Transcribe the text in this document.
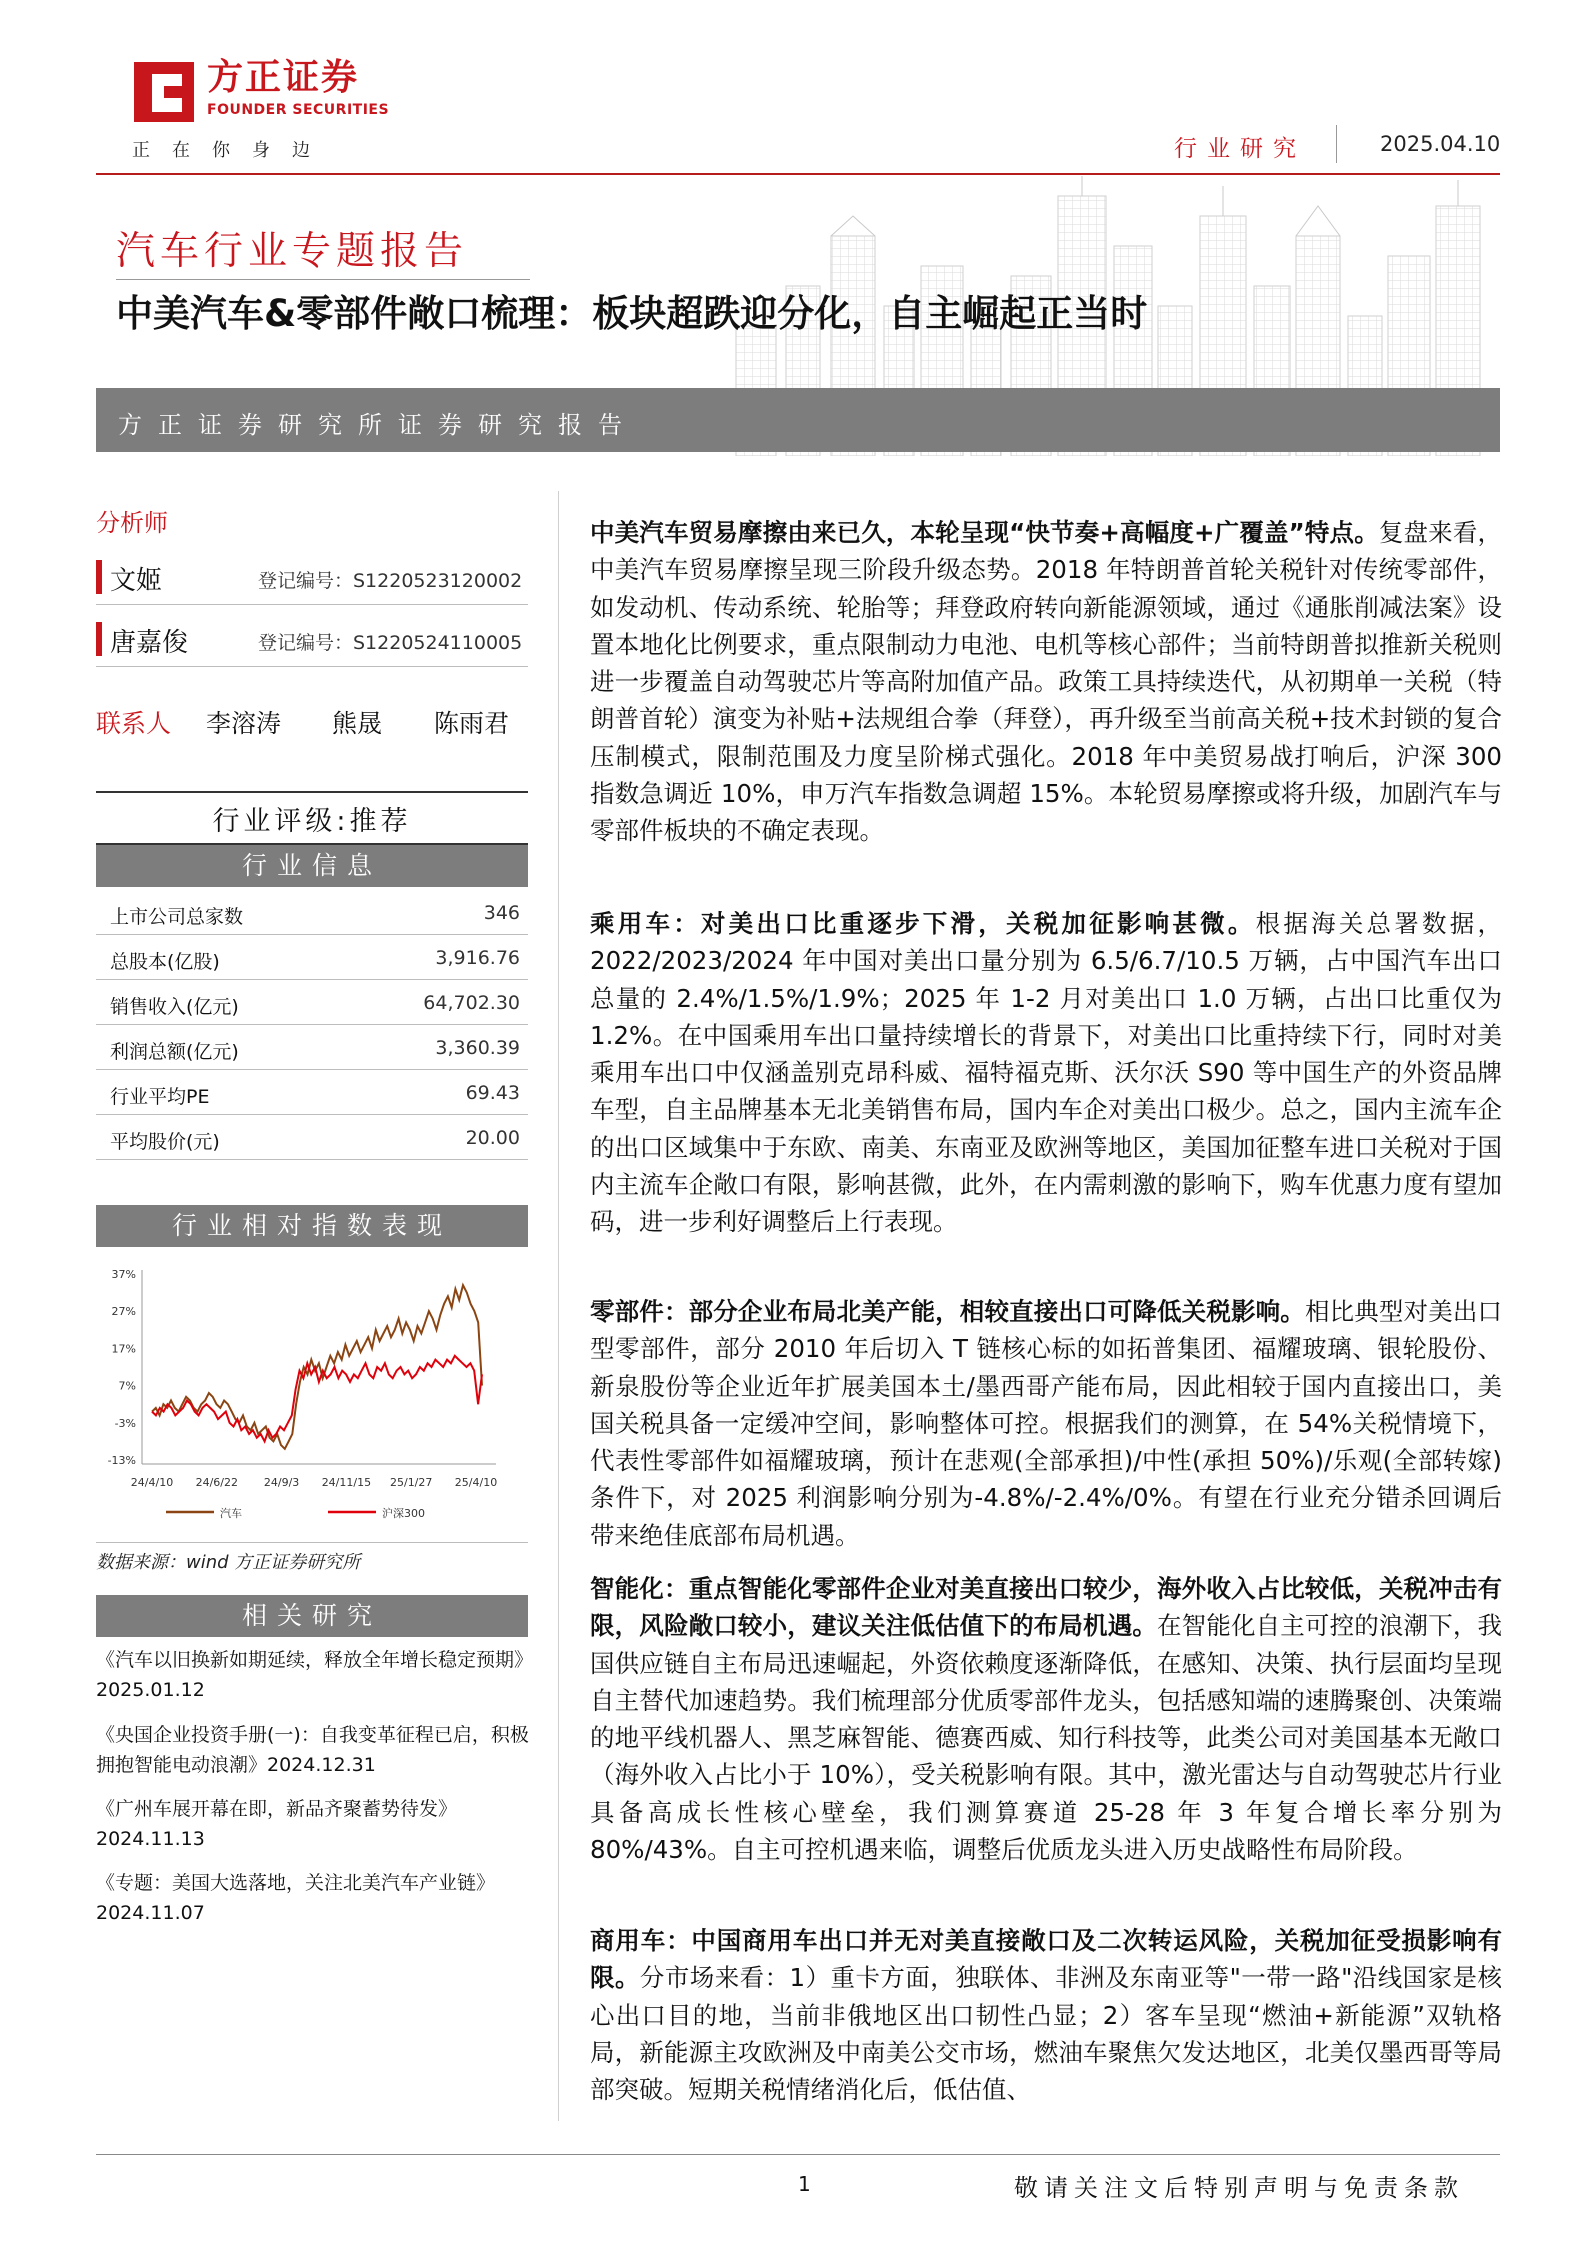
方正证券
FOUNDER SECURITIES
正在你身边	行业研究	2025.04.10
汽车行业专题报告
中美汽车&零部件敞口梳理：板块超跌迎分化，自主崛起正当时
方正证券研究所证券研究报告
分析师
文姬	登记编号：S1220523120002
唐嘉俊	登记编号：S1220524110005
联系人 李溶涛 熊晟 陈雨君
行业评级:推荐
行业信息
上市公司总家数	346
总股本(亿股)	3,916.76
销售收入(亿元)	64,702.30
利润总额(亿元)	3,360.39
行业平均PE	69.43
平均股价(元)	20.00
行业相对指数表现
37%
27%
17%
7%
-3%
-13%
24/4/10 24/6/22 24/9/3 24/11/15 25/1/27 25/4/10
汽车	沪深300
数据来源：wind 方正证券研究所
相关研究
《汽车以旧换新如期延续，释放全年增长稳定预期》2025.01.12
《央国企业投资手册(一)：自我变革征程已启，积极拥抱智能电动浪潮》2024.12.31
《广州车展开幕在即，新品齐聚蓄势待发》2024.11.13
《专题：美国大选落地，关注北美汽车产业链》2024.11.07
中美汽车贸易摩擦由来已久，本轮呈现“快节奏+高幅度+广覆盖”特点。复盘来看，中美汽车贸易摩擦呈现三阶段升级态势。2018 年特朗普首轮关税针对传统零部件，如发动机、传动系统、轮胎等；拜登政府转向新能源领域，通过《通胀削减法案》设置本地化比例要求，重点限制动力电池、电机等核心部件；当前特朗普拟推新关税则进一步覆盖自动驾驶芯片等高附加值产品。政策工具持续迭代，从初期单一关税（特朗普首轮）演变为补贴+法规组合拳（拜登），再升级至当前高关税+技术封锁的复合压制模式，限制范围及力度呈阶梯式强化。2018 年中美贸易战打响后，沪深 300 指数急调近 10%，申万汽车指数急调超 15%。本轮贸易摩擦或将升级，加剧汽车与零部件板块的不确定表现。
乘用车：对美出口比重逐步下滑，关税加征影响甚微。根据海关总署数据，2022/2023/2024 年中国对美出口量分别为 6.5/6.7/10.5 万辆，占中国汽车出口总量的 2.4%/1.5%/1.9%；2025 年 1-2 月对美出口 1.0 万辆，占出口比重仅为 1.2%。在中国乘用车出口量持续增长的背景下，对美出口比重持续下行，同时对美乘用车出口中仅涵盖别克昂科威、福特福克斯、沃尔沃 S90 等中国生产的外资品牌车型，自主品牌基本无北美销售布局，国内车企对美出口极少。总之，国内主流车企的出口区域集中于东欧、南美、东南亚及欧洲等地区，美国加征整车进口关税对于国内主流车企敞口有限，影响甚微，此外，在内需刺激的影响下，购车优惠力度有望加码，进一步利好调整后上行表现。
零部件：部分企业布局北美产能，相较直接出口可降低关税影响。相比典型对美出口型零部件，部分 2010 年后切入 T 链核心标的如拓普集团、福耀玻璃、银轮股份、新泉股份等企业近年扩展美国本土/墨西哥产能布局，因此相较于国内直接出口，美国关税具备一定缓冲空间，影响整体可控。根据我们的测算，在 54%关税情境下，代表性零部件如福耀玻璃，预计在悲观(全部承担)/中性(承担 50%)/乐观(全部转嫁)条件下，对 2025 利润影响分别为-4.8%/-2.4%/0%。有望在行业充分错杀回调后带来绝佳底部布局机遇。
智能化：重点智能化零部件企业对美直接出口较少，海外收入占比较低，关税冲击有限，风险敞口较小，建议关注低估值下的布局机遇。在智能化自主可控的浪潮下，我国供应链自主布局迅速崛起，外资依赖度逐渐降低，在感知、决策、执行层面均呈现自主替代加速趋势。我们梳理部分优质零部件龙头，包括感知端的速腾聚创、决策端的地平线机器人、黑芝麻智能、德赛西威、知行科技等，此类公司对美国基本无敞口（海外收入占比小于 10%），受关税影响有限。其中，激光雷达与自动驾驶芯片行业具备高成长性核心壁垒，我们测算赛道 25-28 年 3 年复合增长率分别为 80%/43%。自主可控机遇来临，调整后优质龙头进入历史战略性布局阶段。
商用车：中国商用车出口并无对美直接敞口及二次转运风险，关税加征受损影响有限。分市场来看：1）重卡方面，独联体、非洲及东南亚等"一带一路"沿线国家是核心出口目的地，当前非俄地区出口韧性凸显；2）客车呈现“燃油+新能源”双轨格局，新能源主攻欧洲及中南美公交市场，燃油车聚焦欠发达地区，北美仅墨西哥等局部突破。短期关税情绪消化后，低估值、
1	敬请关注文后特别声明与免责条款
